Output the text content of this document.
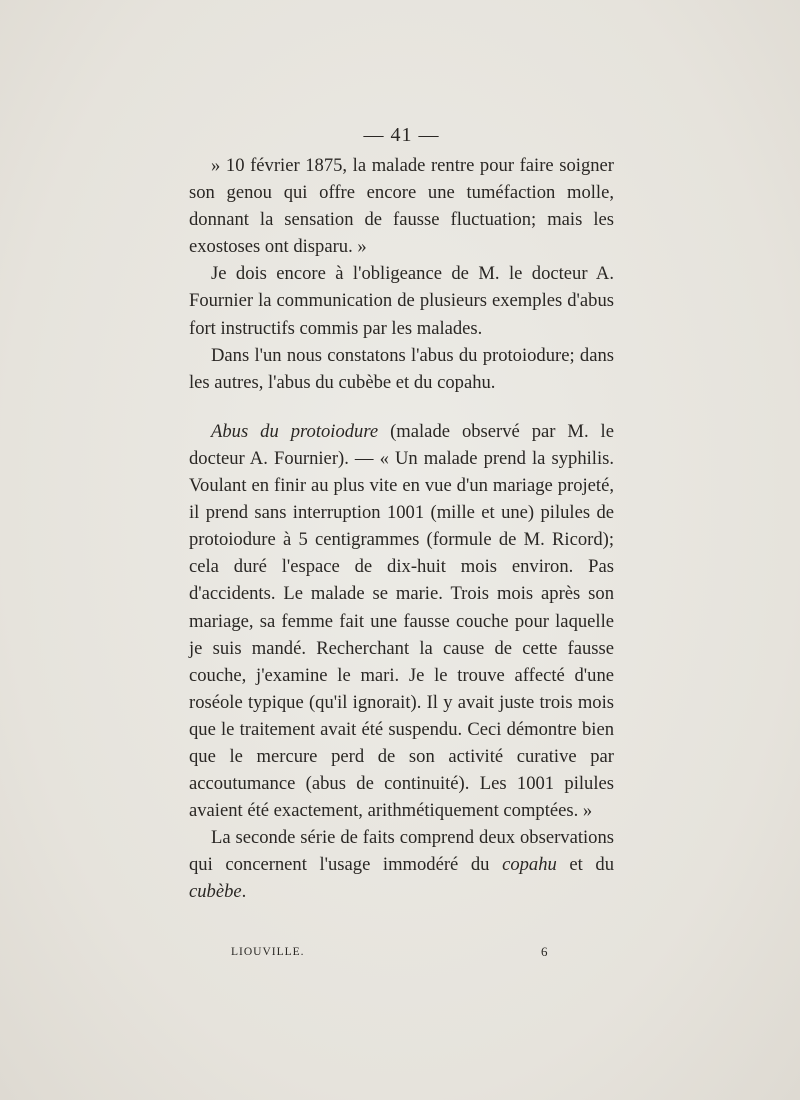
— 41 —

» 10 février 1875, la malade rentre pour faire soigner son genou qui offre encore une tuméfaction molle, donnant la sensation de fausse fluctuation; mais les exostoses ont disparu. »

Je dois encore à l'obligeance de M. le docteur A. Fournier la communication de plusieurs exemples d'abus fort instructifs commis par les malades.

Dans l'un nous constatons l'abus du protoiodure; dans les autres, l'abus du cubèbe et du copahu.

Abus du protoiodure (malade observé par M. le docteur A. Fournier). — « Un malade prend la syphilis. Voulant en finir au plus vite en vue d'un mariage projeté, il prend sans interruption 1001 (mille et une) pilules de protoiodure à 5 centigrammes (formule de M. Ricord); cela duré l'espace de dix-huit mois environ. Pas d'accidents. Le malade se marie. Trois mois après son mariage, sa femme fait une fausse couche pour laquelle je suis mandé. Recherchant la cause de cette fausse couche, j'examine le mari. Je le trouve affecté d'une roséole typique (qu'il ignorait). Il y avait juste trois mois que le traitement avait été suspendu. Ceci démontre bien que le mercure perd de son activité curative par accoutumance (abus de continuité). Les 1001 pilules avaient été exactement, arithmétiquement comptées. »

La seconde série de faits comprend deux observations qui concernent l'usage immodéré du copahu et du cubèbe.

LIOUVILLE.	6
